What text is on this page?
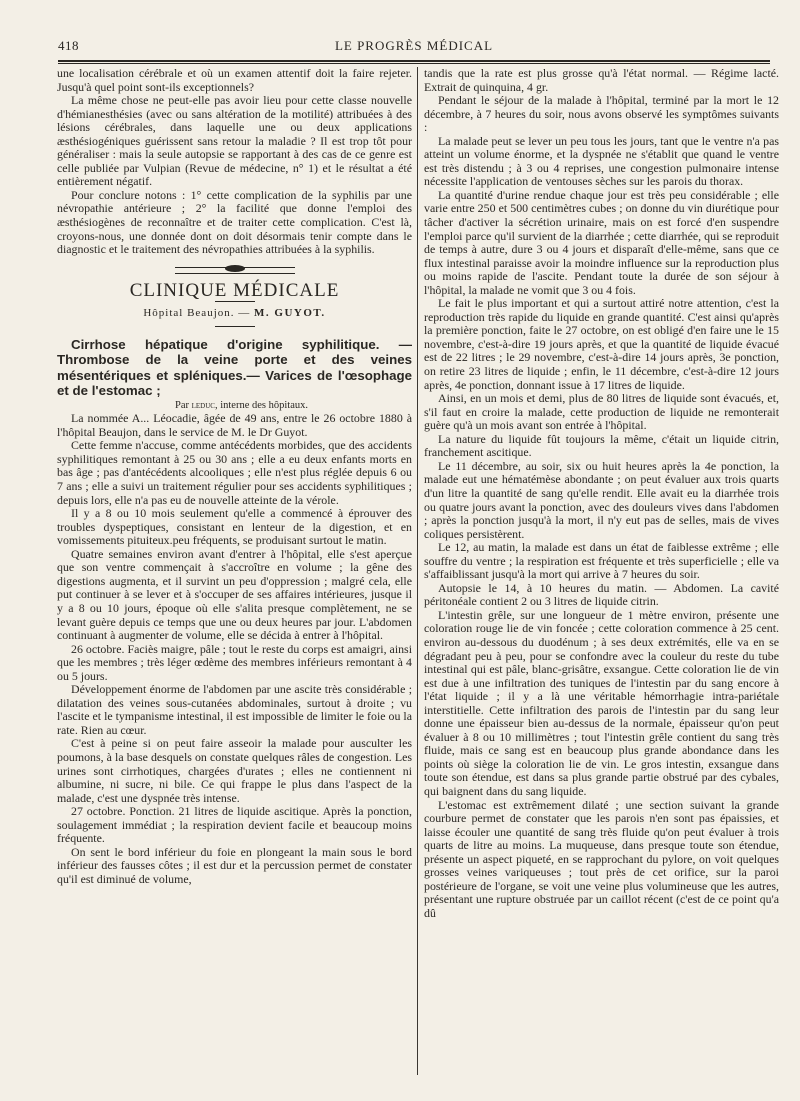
418	LE PROGRÈS MÉDICAL

une localisation cérébrale et où un examen attentif doit la faire rejeter. Jusqu'à quel point sont-ils exceptionnels?

La même chose ne peut-elle pas avoir lieu pour cette classe nouvelle d'hémianesthésies (avec ou sans altération de la motilité) attribuées à des lésions cérébrales, dans laquelle une ou deux applications æsthésiogéniques guérissent sans retour la maladie ? Il est trop tôt pour généraliser : mais la seule autopsie se rapportant à des cas de ce genre est celle publiée par Vulpian (Revue de médecine, n° 1) et le résultat a été entièrement négatif.

Pour conclure notons : 1° cette complication de la syphilis par une névropathie antérieure ; 2° la facilité que donne l'emploi des æsthésiogènes de reconnaître et de traiter cette complication. C'est là, croyons-nous, une donnée dont on doit désormais tenir compte dans le diagnostic et le traitement des névropathies attribuées à la syphilis.

CLINIQUE MÉDICALE
Hôpital Beaujon. — M. GUYOT.

Cirrhose hépatique d'origine syphilitique. — Thrombose de la veine porte et des veines mésentériques et spléniques.— Varices de l'œsophage et de l'estomac ;

Par leduc, interne des hôpitaux.

La nommée A... Léocadie, âgée de 49 ans, entre le 26 octobre 1880 à l'hôpital Beaujon, dans le service de M. le Dr Guyot.

Cette femme n'accuse, comme antécédents morbides, que des accidents syphilitiques remontant à 25 ou 30 ans ; elle a eu deux enfants morts en bas âge ; pas d'antécédents alcooliques ; elle n'est plus réglée depuis 6 ou 7 ans ; elle a suivi un traitement régulier pour ses accidents syphilitiques ; depuis lors, elle n'a pas eu de nouvelle atteinte de la vérole.

Il y a 8 ou 10 mois seulement qu'elle a commencé à éprouver des troubles dyspeptiques, consistant en lenteur de la digestion, et en vomissements pituiteux.peu fréquents, se produisant surtout le matin.

Quatre semaines environ avant d'entrer à l'hôpital, elle s'est aperçue que son ventre commençait à s'accroître en volume ; la gêne des digestions augmenta, et il survint un peu d'oppression ; malgré cela, elle put continuer à se lever et à s'occuper de ses affaires intérieures, jusque il y a 8 ou 10 jours, époque où elle s'alita presque complètement, ne se levant guère depuis ce temps que une ou deux heures par jour. L'abdomen continuant à augmenter de volume, elle se décida à entrer à l'hôpital.

26 octobre. Faciès maigre, pâle ; tout le reste du corps est amaigri, ainsi que les membres ; très léger œdème des membres inférieurs remontant à 4 ou 5 jours.

Développement énorme de l'abdomen par une ascite très considérable ; dilatation des veines sous-cutanées abdominales, surtout à droite ; vu l'ascite et le tympanisme intestinal, il est impossible de limiter le foie ou la rate. Rien au cœur.

C'est à peine si on peut faire asseoir la malade pour ausculter les poumons, à la base desquels on constate quelques râles de congestion. Les urines sont cirrhotiques, chargées d'urates ; elles ne contiennent ni albumine, ni sucre, ni bile. Ce qui frappe le plus dans l'aspect de la malade, c'est une dyspnée très intense.

27 octobre. Ponction. 21 litres de liquide ascitique. Après la ponction, soulagement immédiat ; la respiration devient facile et beaucoup moins fréquente.

On sent le bord inférieur du foie en plongeant la main sous le bord inférieur des fausses côtes ; il est dur et la percussion permet de constater qu'il est diminué de volume,

tandis que la rate est plus grosse qu'à l'état normal. — Régime lacté. Extrait de quinquina, 4 gr.

Pendant le séjour de la malade à l'hôpital, terminé par la mort le 12 décembre, à 7 heures du soir, nous avons observé les symptômes suivants :

La malade peut se lever un peu tous les jours, tant que le ventre n'a pas atteint un volume énorme, et la dyspnée ne s'établit que quand le ventre est très distendu ; à 3 ou 4 reprises, une congestion pulmonaire intense nécessite l'application de ventouses sèches sur les parois du thorax.

La quantité d'urine rendue chaque jour est très peu considérable ; elle varie entre 250 et 500 centimètres cubes ; on donne du vin diurétique pour tâcher d'activer la sécrétion urinaire, mais on est forcé d'en suspendre l'emploi parce qu'il survient de la diarrhée ; cette diarrhée, qui se reproduit de temps à autre, dure 3 ou 4 jours et disparaît d'elle-même, sans que ce flux intestinal paraisse avoir la moindre influence sur la reproduction plus ou moins rapide de l'ascite. Pendant toute la durée de son séjour à l'hôpital, la malade ne vomit que 3 ou 4 fois.

Le fait le plus important et qui a surtout attiré notre attention, c'est la reproduction très rapide du liquide en grande quantité. C'est ainsi qu'après la première ponction, faite le 27 octobre, on est obligé d'en faire une le 15 novembre, c'est-à-dire 19 jours après, et que la quantité de liquide évacué est de 22 litres ; le 29 novembre, c'est-à-dire 14 jours après, 3e ponction, on retire 23 litres de liquide ; enfin, le 11 décembre, c'est-à-dire 12 jours après, 4e ponction, donnant issue à 17 litres de liquide.

Ainsi, en un mois et demi, plus de 80 litres de liquide sont évacués, et, s'il faut en croire la malade, cette production de liquide ne remonterait guère qu'à un mois avant son entrée à l'hôpital.

La nature du liquide fût toujours la même, c'était un liquide citrin, franchement ascitique.

Le 11 décembre, au soir, six ou huit heures après la 4e ponction, la malade eut une hématémèse abondante ; on peut évaluer aux trois quarts d'un litre la quantité de sang qu'elle rendit. Elle avait eu la diarrhée trois ou quatre jours avant la ponction, avec des douleurs vives dans l'abdomen ; après la ponction jusqu'à la mort, il n'y eut pas de selles, mais de vives coliques persistèrent.

Le 12, au matin, la malade est dans un état de faiblesse extrême ; elle souffre du ventre ; la respiration est fréquente et très superficielle ; elle va s'affaiblissant jusqu'à la mort qui arrive à 7 heures du soir.

Autopsie le 14, à 10 heures du matin. — Abdomen. La cavité péritonéale contient 2 ou 3 litres de liquide citrin.

L'intestin grêle, sur une longueur de 1 mètre environ, présente une coloration rouge lie de vin foncée ; cette coloration commence à 25 cent. environ au-dessous du duodénum ; à ses deux extrémités, elle va en se dégradant peu à peu, pour se confondre avec la couleur du reste du tube intestinal qui est pâle, blanc-grisâtre, exsangue. Cette coloration lie de vin est due à une infiltration des tuniques de l'intestin par du sang encore à l'état liquide ; il y a là une véritable hémorrhagie intra-pariétale interstitielle. Cette infiltration des parois de l'intestin par du sang leur donne une épaisseur bien au-dessus de la normale, épaisseur qu'on peut évaluer à 8 ou 10 millimètres ; tout l'intestin grêle contient du sang très fluide, mais ce sang est en beaucoup plus grande abondance dans les points où siège la coloration lie de vin. Le gros intestin, exsangue dans toute son étendue, est dans sa plus grande partie obstrué par des cybales, qui baignent dans du sang liquide.

L'estomac est extrêmement dilaté ; une section suivant la grande courbure permet de constater que les parois n'en sont pas épaissies, et laisse écouler une quantité de sang très fluide qu'on peut évaluer à trois quarts de litre au moins. La muqueuse, dans presque toute son étendue, présente un aspect piqueté, en se rapprochant du pylore, on voit quelques grosses veines variqueuses ; tout près de cet orifice, sur la paroi postérieure de l'organe, se voit une veine plus volumineuse que les autres, présentant une rupture obstruée par un caillot récent (c'est de ce point qu'a dû
